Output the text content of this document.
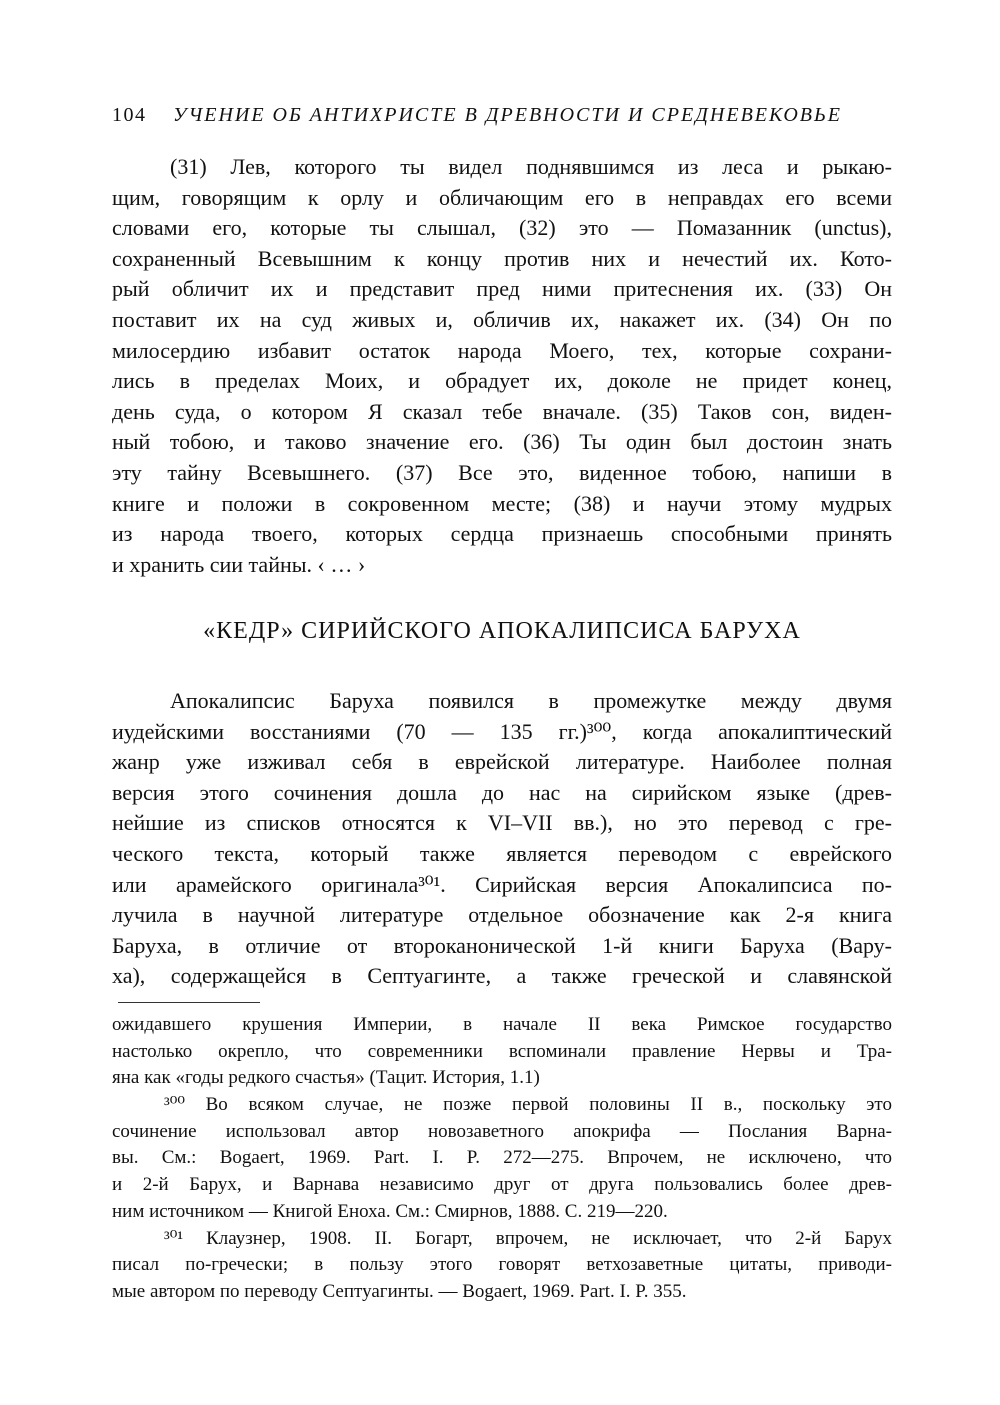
104 УЧЕНИЕ ОБ АНТИХРИСТЕ В ДРЕВНОСТИ И СРЕДНЕВЕКОВЬЕ
(31) Лев, которого ты видел поднявшимся из леса и рыкаю-
щим, говорящим к орлу и обличающим его в неправдах его всеми
словами его, которые ты слышал, (32) это — Помазанник (unctus),
сохраненный Всевышним к концу против них и нечестий их. Кото-
рый обличит их и представит пред ними притеснения их. (33) Он
поставит их на суд живых и, обличив их, накажет их. (34) Он по
милосердию избавит остаток народа Моего, тех, которые сохрани-
лись в пределах Моих, и обрадует их, доколе не придет конец,
день суда, о котором Я сказал тебе вначале. (35) Таков сон, виден-
ный тобою, и таково значение его. (36) Ты один был достоин знать
эту тайну Всевышнего. (37) Все это, виденное тобою, напиши в
книге и положи в сокровенном месте; (38) и научи этому мудрых
из народа твоего, которых сердца признаешь способными принять
и хранить сии тайны. ‹ … ›
«КЕДР» СИРИЙСКОГО АПОКАЛИПСИСА БАРУХА
Апокалипсис Баруха появился в промежутке между двумя
иудейскими восстаниями (70 — 135 гг.)³⁰⁰, когда апокалиптический
жанр уже изживал себя в еврейской литературе. Наиболее полная
версия этого сочинения дошла до нас на сирийском языке (древ-
нейшие из списков относятся к VI–VII вв.), но это перевод с гре-
ческого текста, который также является переводом с еврейского
или арамейского оригинала³⁰¹. Сирийская версия Апокалипсиса по-
лучила в научной литературе отдельное обозначение как 2-я книга
Баруха, в отличие от второканонической 1-й книги Баруха (Вару-
ха), содержащейся в Септуагинте, а также греческой и славянской
ожидавшего крушения Империи, в начале II века Римское государство
настолько окрепло, что современники вспоминали правление Нервы и Тра-
яна как «годы редкого счастья» (Тацит. История, 1.1)
³⁰⁰ Во всяком случае, не позже первой половины II в., поскольку это
сочинение использовал автор новозаветного апокрифа — Послания Варна-
вы. См.: Bogaert, 1969. Part. I. P. 272—275. Впрочем, не исключено, что
и 2-й Барух, и Варнава независимо друг от друга пользовались более древ-
ним источником — Книгой Еноха. См.: Смирнов, 1888. С. 219—220.
³⁰¹ Клаузнер, 1908. II. Богарт, впрочем, не исключает, что 2-й Барух
писал по-гречески; в пользу этого говорят ветхозаветные цитаты, приводи-
мые автором по переводу Септуагинты. — Bogaert, 1969. Part. I. P. 355.
